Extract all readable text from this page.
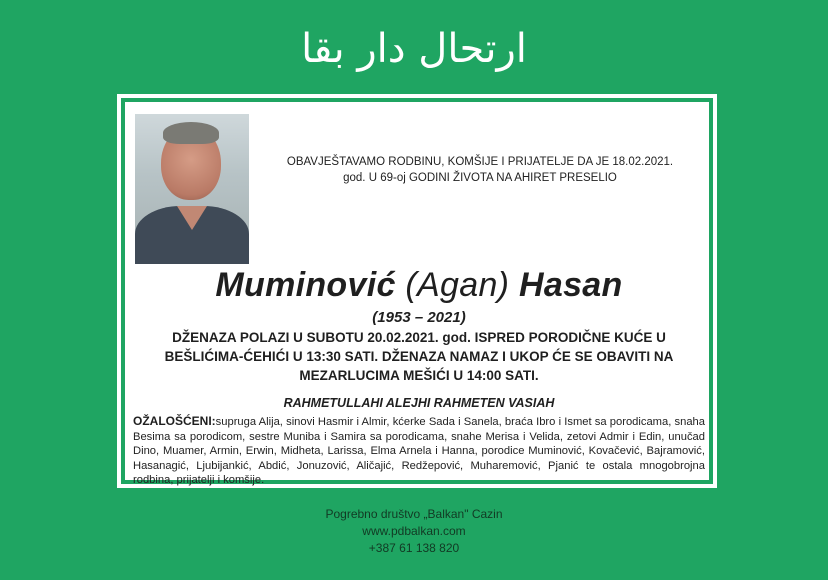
ارتحال دار بقا
OBAVJEŠTAVAMO RODBINU, KOMŠIJE I PRIJATELJE DA JE 18.02.2021.
god. U 69-oj GODINI ŽIVOTA NA AHIRET PRESELIO
Muminović (Agan) Hasan
(1953 – 2021)
DŽENAZA POLAZI U SUBOTU 20.02.2021. god. ISPRED PORODIČNE KUĆE U BEŠLIĆIMA-ĆEHIĆI U 13:30 SATI. DŽENAZA NAMAZ I UKOP ĆE SE OBAVITI NA MEZARLUCIMA MEŠIĆI U 14:00 SATI.
RAHMETULLAHI ALEJHI RAHMETEN VASIAH
OŽALOŠĆENI:supruga Alija, sinovi Hasmir i Almir, kćerke Sada i Sanela, braća Ibro i Ismet sa porodicama, snaha Besima sa porodicom, sestre Muniba i Samira sa porodicama, snahe Merisa i Velida, zetovi Admir i Edin, unučad Dino, Muamer, Armin, Erwin, Midheta, Larissa, Elma Arnela i Hanna, porodice Muminović, Kovačević, Bajramović, Hasanagić, Ljubijankić, Abdić, Jonuzović, Aličajić, Redžepović, Muharemović, Pjanić te ostala mnogobrojna rodbina, prijatelji i komšije.
Pogrebno društvo „Balkan" Cazin
www.pdbalkan.com
+387 61 138 820
